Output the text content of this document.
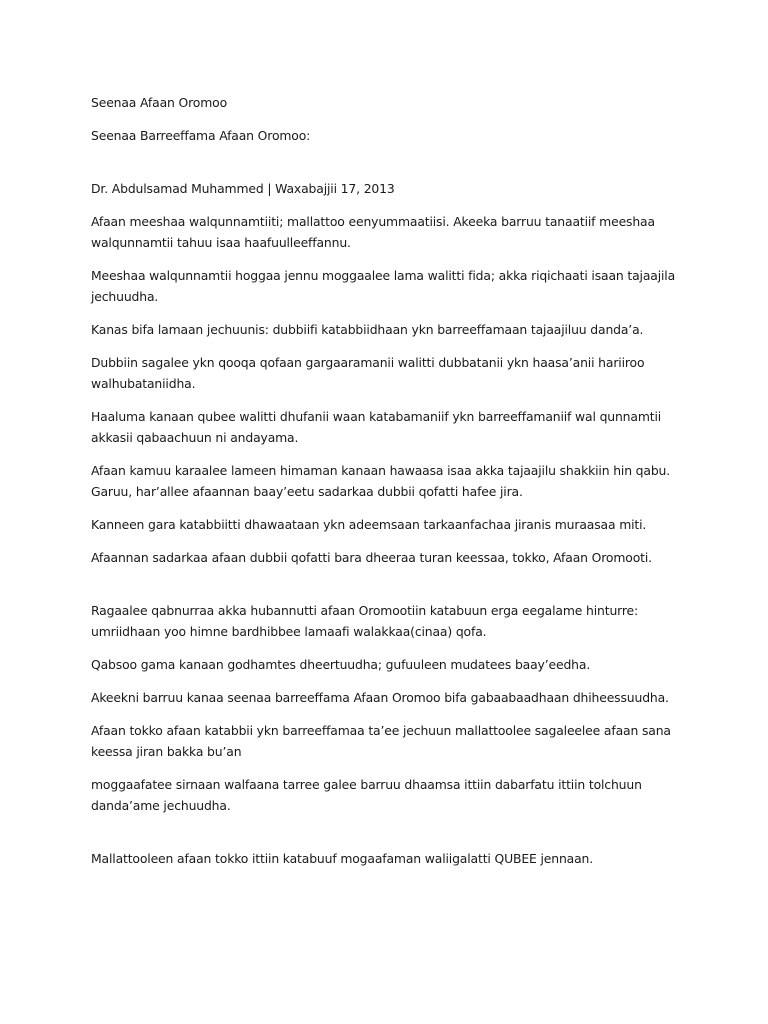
Seenaa Afaan Oromoo

Seenaa Barreeffama Afaan Oromoo:

Dr. Abdulsamad Muhammed | Waxabajjii 17, 2013

Afaan meeshaa walqunnamtiiti; mallattoo eenyummaatiisi. Akeeka barruu tanaatiif meeshaa walqunnamtii tahuu isaa haafuulleeffannu.

Meeshaa walqunnamtii hoggaa jennu moggaalee lama walitti fida; akka riqichaati isaan tajaajila jechuudha.

Kanas bifa lamaan jechuunis: dubbiifi katabbiidhaan ykn barreeffamaan tajaajiluu danda’a.

Dubbiin sagalee ykn qooqa qofaan gargaaramanii walitti dubbatanii ykn haasa’anii hariiroo walhubataniidha.

Haaluma kanaan qubee walitti dhufanii waan katabamaniif ykn barreeffamaniif wal qunnamtii akkasii qabaachuun ni andayama.

Afaan kamuu karaalee lameen himaman kanaan hawaasa isaa akka tajaajilu shakkiin hin qabu. Garuu, har’allee afaannan baay’eetu sadarkaa dubbii qofatti hafee jira.

Kanneen gara katabbiitti dhawaataan ykn adeemsaan tarkaanfachaa jiranis muraasaa miti.

Afaannan sadarkaa afaan dubbii qofatti bara dheeraa turan keessaa, tokko, Afaan Oromooti.

Ragaalee qabnurraa akka hubannutti afaan Oromootiin katabuun erga eegalame hinturre: umriidhaan yoo himne bardhibbee lamaafi walakkaa(cinaa) qofa.

Qabsoo gama kanaan godhamtes dheertuudha; gufuuleen mudatees baay’eedha.

Akeekni barruu kanaa seenaa barreeffama Afaan Oromoo bifa gabaabaadhaan dhiheessuudha.

Afaan tokko afaan katabbii ykn barreeffamaa ta’ee jechuun mallattoolee sagaleelee afaan sana keessa jiran bakka bu’an

moggaafatee sirnaan walfaana tarree galee barruu dhaamsa ittiin dabarfatu ittiin tolchuun danda’ame jechuudha.

Mallattooleen afaan tokko ittiin katabuuf mogaafaman waliigalatti QUBEE jennaan.
